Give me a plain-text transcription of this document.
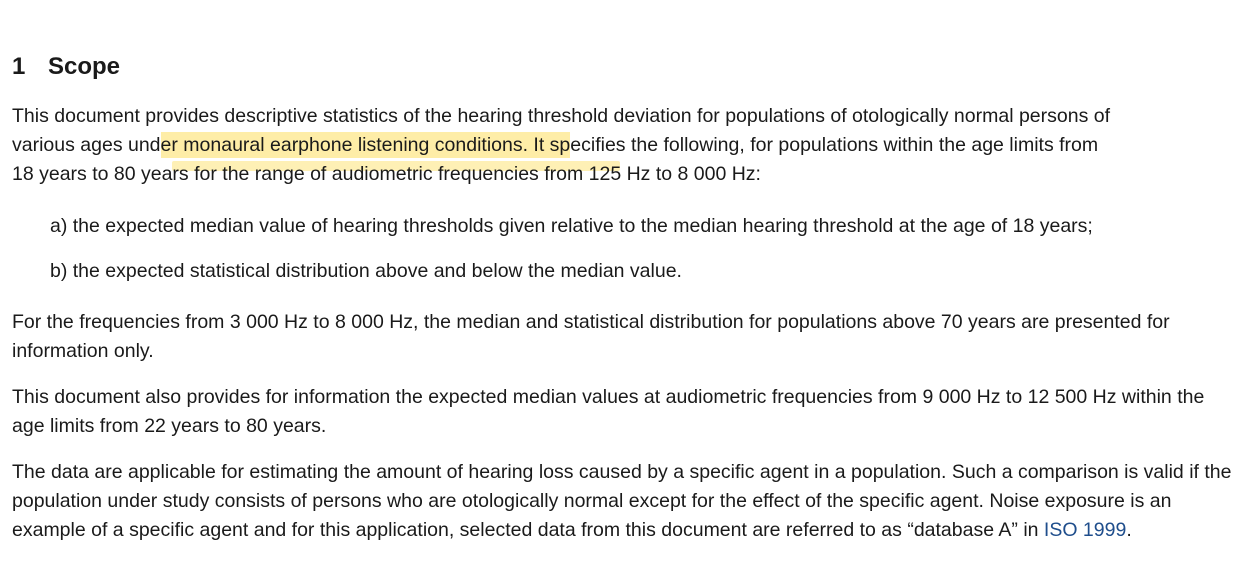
1 Scope

This document provides descriptive statistics of the hearing threshold deviation for populations of otologically normal persons of
various ages under monaural earphone listening conditions. It specifies the following, for populations within the age limits from
18 years to 80 years for the range of audiometric frequencies from 125 Hz to 8 000 Hz:

a) the expected median value of hearing thresholds given relative to the median hearing threshold at the age of 18 years;

b) the expected statistical distribution above and below the median value.

For the frequencies from 3 000 Hz to 8 000 Hz, the median and statistical distribution for populations above 70 years are presented for information only.

This document also provides for information the expected median values at audiometric frequencies from 9 000 Hz to 12 500 Hz within the age limits from 22 years to 80 years.

The data are applicable for estimating the amount of hearing loss caused by a specific agent in a population. Such a comparison is valid if the population under study consists of persons who are otologically normal except for the effect of the specific agent. Noise exposure is an example of a specific agent and for this application, selected data from this document are referred to as “database A” in ISO 1999.
